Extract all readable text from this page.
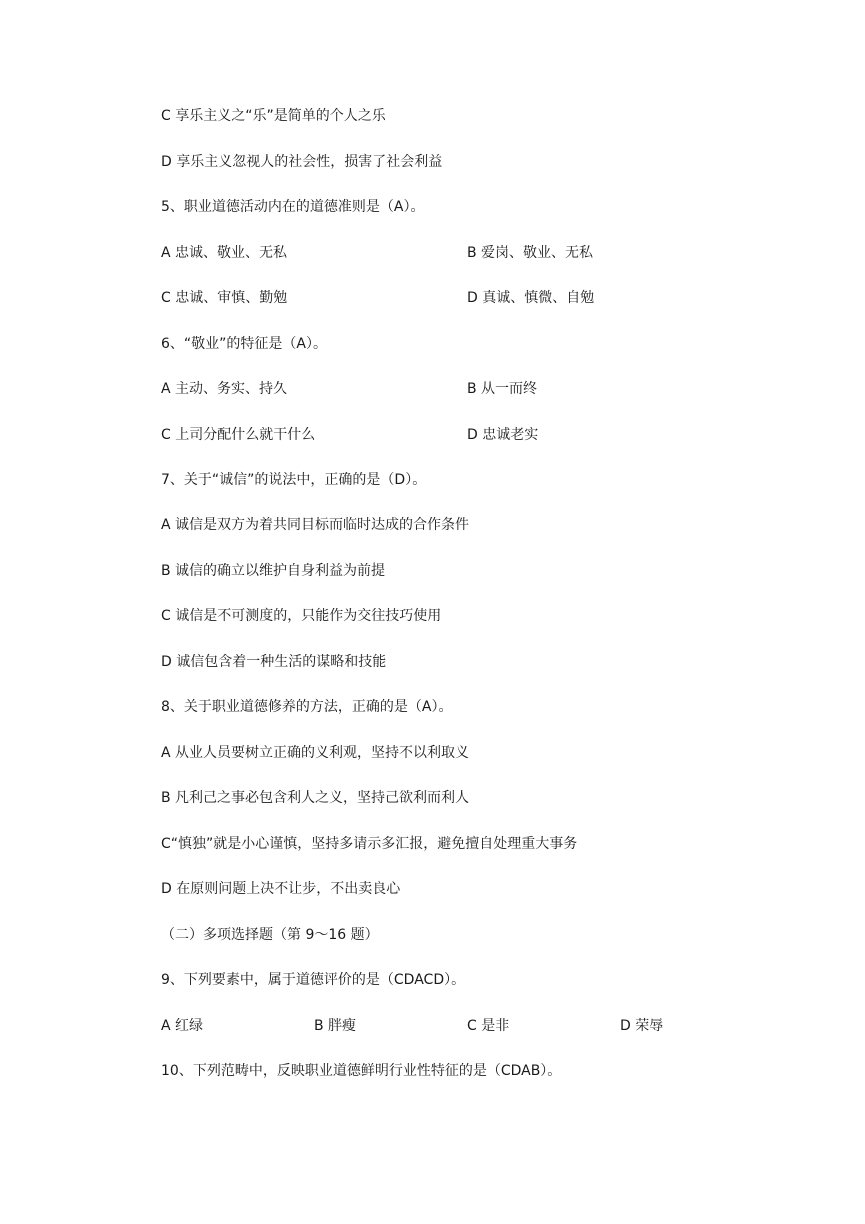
C 享乐主义之“乐”是简单的个人之乐
D 享乐主义忽视人的社会性，损害了社会利益
5、职业道德活动内在的道德准则是（A）。
A 忠诚、敬业、无私	B 爱岗、敬业、无私
C 忠诚、审慎、勤勉	D 真诚、慎微、自勉
6、“敬业”的特征是（A）。
A 主动、务实、持久	B 从一而终
C 上司分配什么就干什么	D 忠诚老实
7、关于“诚信”的说法中，正确的是（D）。
A 诚信是双方为着共同目标而临时达成的合作条件
B 诚信的确立以维护自身利益为前提
C 诚信是不可测度的，只能作为交往技巧使用
D 诚信包含着一种生活的谋略和技能
8、关于职业道德修养的方法，正确的是（A）。
A 从业人员要树立正确的义利观，坚持不以利取义
B 凡利己之事必包含利人之义，坚持己欲利而利人
C“慎独”就是小心谨慎，坚持多请示多汇报，避免擅自处理重大事务
D 在原则问题上决不让步，不出卖良心
（二）多项选择题（第 9～16 题）
9、下列要素中，属于道德评价的是（CDACD）。
A 红绿	B 胖瘦	C 是非	D 荣辱
10、下列范畴中，反映职业道德鲜明行业性特征的是（CDAB）。
